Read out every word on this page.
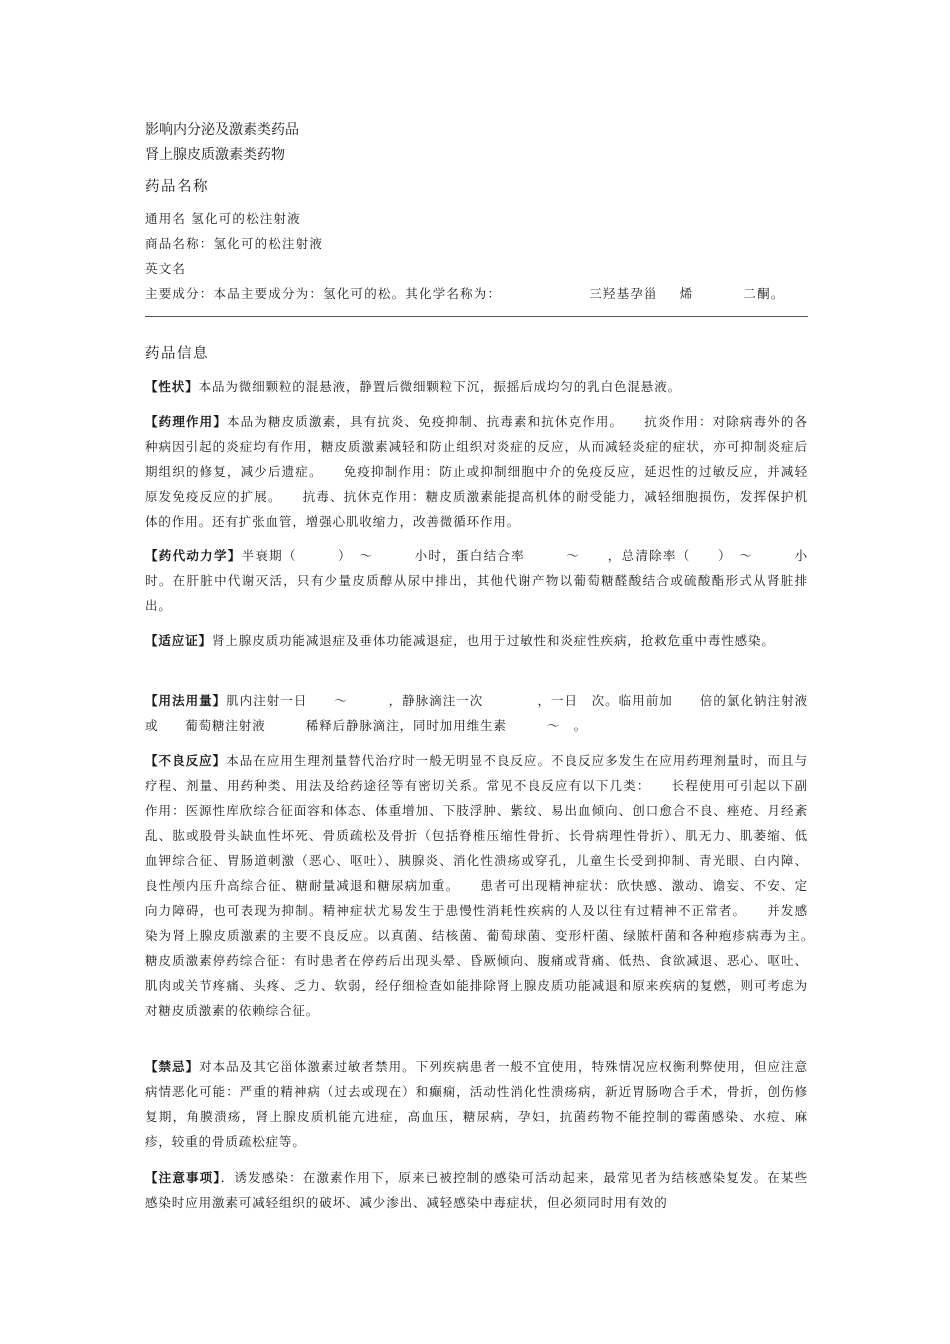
影响内分泌及激素类药品
肾上腺皮质激素类药物
药品名称
通用名 氢化可的松注射液
商品名称：氢化可的松注射液
英文名
主要成分：本品主要成分为：氢化可的松。其化学名称为：	三羟基孕甾 烯	二酮。
药品信息

【性状】本品为微细颗粒的混悬液，静置后微细颗粒下沉，振摇后成均匀的乳白色混悬液。

【药理作用】本品为糖皮质激素，具有抗炎、免疫抑制、抗毒素和抗休克作用。　　抗炎作用：对除病毒外的各种病因引起的炎症均有作用，糖皮质激素减轻和防止组织对炎症的反应，从而减轻炎症的症状，亦可抑制炎症后期组织的修复，减少后遗症。　　免疫抑制作用：防止或抑制细胞中介的免疫反应，延迟性的过敏反应，并减轻原发免疫反应的扩展。　　抗毒、抗休克作用：糖皮质激素能提高机体的耐受能力，减轻细胞损伤，发挥保护机体的作用。还有扩张血管，增强心肌收缩力，改善微循环作用。

【药代动力学】半衰期（　　　）　～　　　小时，蛋白结合率　　　～　　，总清除率（　　）　～　　　小时。在肝脏中代谢灭活，只有少量皮质醇从尿中排出，其他代谢产物以葡萄糖醛酸结合或硫酸酯形式从肾脏排出。

【适应证】肾上腺皮质功能减退症及垂体功能减退症，也用于过敏性和炎症性疾病，抢救危重中毒性感染。

【用法用量】肌内注射一日　　～　　　，静脉滴注一次　　　　，一日　次。临用前加　　倍的氯化钠注射液或　　葡萄糖注射液　　　稀释后静脉滴注，同时加用维生素　　　～　。

【不良反应】本品在应用生理剂量替代治疗时一般无明显不良反应。不良反应多发生在应用药理剂量时，而且与疗程、剂量、用药种类、用法及给药途径等有密切关系。常见不良反应有以下几类：　　长程使用可引起以下副作用：医源性库欣综合征面容和体态、体重增加、下肢浮肿、紫纹、易出血倾向、创口愈合不良、痤疮、月经紊乱、肱或股骨头缺血性坏死、骨质疏松及骨折（包括脊椎压缩性骨折、长骨病理性骨折）、肌无力、肌萎缩、低血钾综合征、胃肠道刺激（恶心、呕吐）、胰腺炎、消化性溃疡或穿孔，儿童生长受到抑制、青光眼、白内障、良性颅内压升高综合征、糖耐量减退和糖尿病加重。　　患者可出现精神症状：欣快感、激动、谵妄、不安、定向力障碍，也可表现为抑制。精神症状尤易发生于患慢性消耗性疾病的人及以往有过精神不正常者。　　并发感染为肾上腺皮质激素的主要不良反应。以真菌、结核菌、葡萄球菌、变形杆菌、绿脓杆菌和各种疱疹病毒为主。　　糖皮质激素停药综合征：有时患者在停药后出现头晕、昏厥倾向、腹痛或背痛、低热、食欲减退、恶心、呕吐、肌肉或关节疼痛、头疼、乏力、软弱，经仔细检查如能排除肾上腺皮质功能减退和原来疾病的复燃，则可考虑为对糖皮质激素的依赖综合征。

【禁忌】对本品及其它甾体激素过敏者禁用。下列疾病患者一般不宜使用，特殊情况应权衡利弊使用，但应注意病情恶化可能：严重的精神病（过去或现在）和癫痫，活动性消化性溃疡病，新近胃肠吻合手术，骨折，创伤修复期，角膜溃疡，肾上腺皮质机能亢进症，高血压，糖尿病，孕妇，抗菌药物不能控制的霉菌感染、水痘、麻疹，较重的骨质疏松症等。

【注意事项】．诱发感染：在激素作用下，原来已被控制的感染可活动起来，最常见者为结核感染复发。在某些感染时应用激素可减轻组织的破坏、减少渗出、减轻感染中毒症状，但必须同时用有效的
